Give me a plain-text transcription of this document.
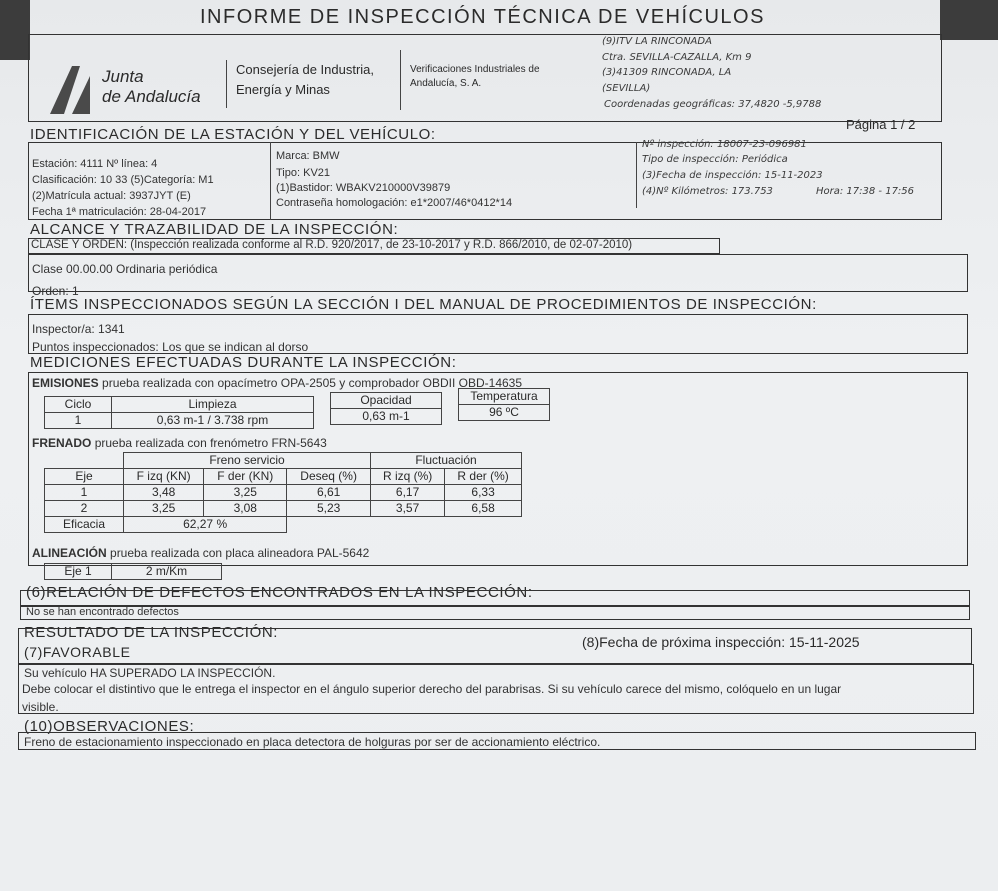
INFORME DE INSPECCIÓN TÉCNICA DE VEHÍCULOS
Junta
de Andalucía
Consejería de Industria,
Energía y Minas
Verificaciones Industriales de
Andalucía, S. A.
(9)ITV LA RINCONADA
Ctra. SEVILLA-CAZALLA, Km 9
(3)41309 RINCONADA, LA
(SEVILLA)
Coordenadas geográficas: 37,4820 -5,9788
Página 1 / 2
IDENTIFICACIÓN DE LA ESTACIÓN Y DEL VEHÍCULO:
Estación: 4111 Nº línea: 4
Clasificación: 10 33 (5)Categoría: M1
(2)Matrícula actual: 3937JYT (E)
Fecha 1ª matriculación: 28-04-2017
Marca: BMW
Tipo: KV21
(1)Bastidor: WBAKV210000V39879
Contraseña homologación: e1*2007/46*0412*14
Nº inspección: 18007-23-096981
Tipo de inspección: Periódica
(3)Fecha de inspección: 15-11-2023
(4)Nº Kilómetros: 173.753	Hora: 17:38 - 17:56
ALCANCE Y TRAZABILIDAD DE LA INSPECCIÓN:
CLASE Y ORDEN: (Inspección realizada conforme al R.D. 920/2017, de 23-10-2017 y R.D. 866/2010, de 02-07-2010)
Clase 00.00.00 Ordinaria periódica
Orden: 1
ÍTEMS INSPECCIONADOS SEGÚN LA SECCIÓN I DEL MANUAL DE PROCEDIMIENTOS DE INSPECCIÓN:
Inspector/a: 1341
Puntos inspeccionados: Los que se indican al dorso
MEDICIONES EFECTUADAS DURANTE LA INSPECCIÓN:
EMISIONES prueba realizada con opacímetro OPA-2505 y comprobador OBDII OBD-14635
Ciclo	Limpieza
1	0,63 m-1 / 3.738 rpm
Opacidad
0,63 m-1
Temperatura
96 ºC
FRENADO prueba realizada con frenómetro FRN-5643
	Freno servicio			Fluctuación	
Eje	F izq (KN)	F der (KN)	Deseq (%)	R izq (%)	R der (%)
1	3,48	3,25	6,61	6,17	6,33
2	3,25	3,08	5,23	3,57	6,58
Eficacia	62,27 %				
ALINEACIÓN prueba realizada con placa alineadora PAL-5642
Eje 1	2 m/Km
(6)RELACIÓN DE DEFECTOS ENCONTRADOS EN LA INSPECCIÓN:
No se han encontrado defectos
RESULTADO DE LA INSPECCIÓN:
(7)FAVORABLE
(8)Fecha de próxima inspección: 15-11-2025
Su vehículo HA SUPERADO LA INSPECCIÓN.
Debe colocar el distintivo que le entrega el inspector en el ángulo superior derecho del parabrisas. Si su vehículo carece del mismo, colóquelo en un lugar
visible.
(10)OBSERVACIONES:
Freno de estacionamiento inspeccionado en placa detectora de holguras por ser de accionamiento eléctrico.
